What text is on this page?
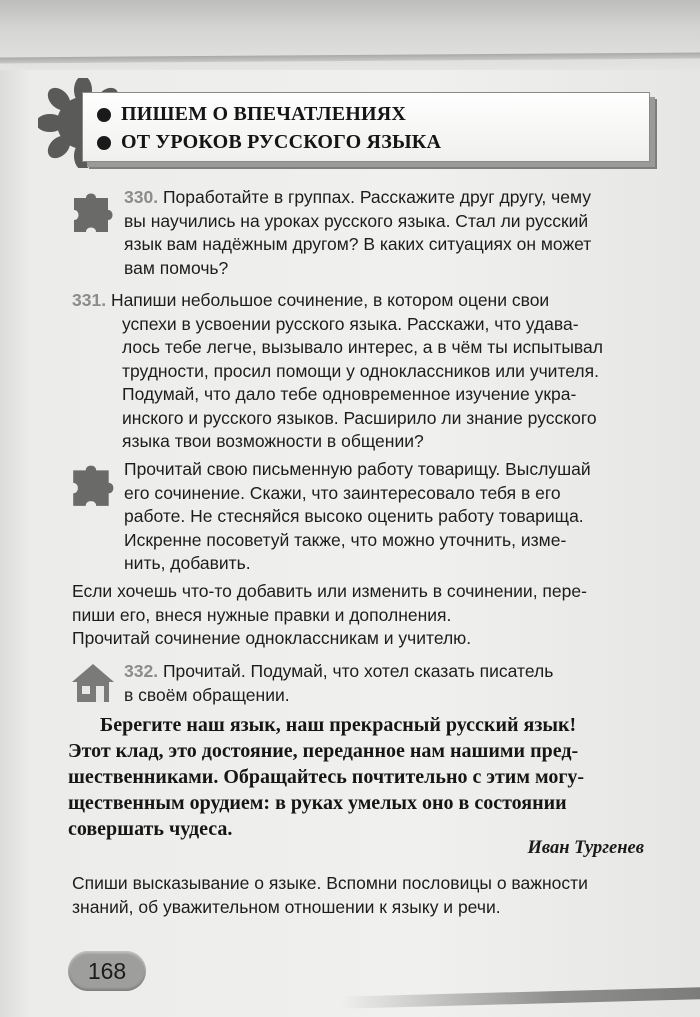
ПИШЕМ О ВПЕЧАТЛЕНИЯХ
ОТ УРОКОВ РУССКОГО ЯЗЫКА

330. Поработайте в группах. Расскажите друг другу, чему

вы научились на уроках русского языка. Стал ли русский

язык вам надёжным другом? В каких ситуациях он может

вам помочь?

331. Напиши небольшое сочинение, в котором оцени свои

успехи в усвоении русского языка. Расскажи, что удава-

лось тебе легче, вызывало интерес, а в чём ты испытывал

трудности, просил помощи у одноклассников или учителя.

Подумай, что дало тебе одновременное изучение укра-

инского и русского языков. Расширило ли знание русского

языка твои возможности в общении?

Прочитай свою письменную работу товарищу. Выслушай

его сочинение. Скажи, что заинтересовало тебя в его

работе. Не стесняйся высоко оценить работу товарища.

Искренне посоветуй также, что можно уточнить, изме-

нить, добавить.

Если хочешь что-то добавить или изменить в сочинении, пере-

пиши его, внеся нужные правки и дополнения.

Прочитай сочинение одноклассникам и учителю.

332. Прочитай. Подумай, что хотел сказать писатель

в своём обращении.

Берегите наш язык, наш прекрасный русский язык!

Этот клад, это достояние, переданное нам нашими пред-

шественниками. Обращайтесь почтительно с этим могу-

щественным орудием: в руках умелых оно в состоянии

совершать чудеса.

Иван Тургенев

Спиши высказывание о языке. Вспомни пословицы о важности

знаний, об уважительном отношении к языку и речи.

168
